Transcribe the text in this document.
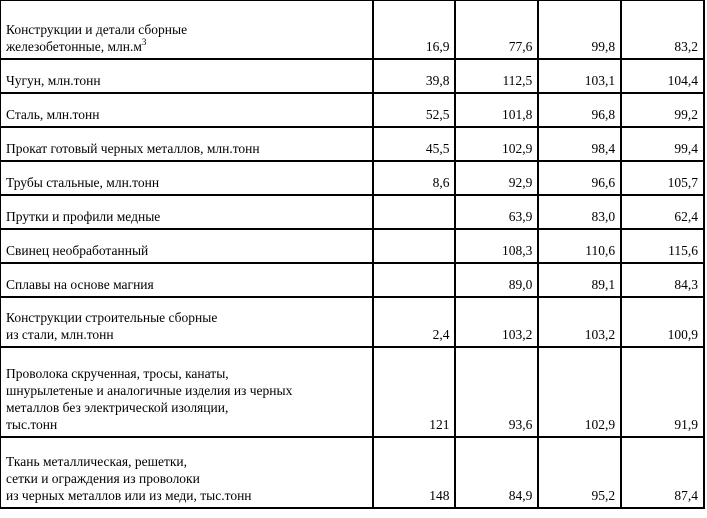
Конструкции и детали сборные
железобетонные, $млн.м^3$	16,9	77,6	99,8	83,2

Чугун, млн.тонн	39,8	112,5	103,1	104,4

Сталь, млн.тонн	52,5	101,8	96,8	99,2

Прокат готовый черных металлов, млн.тонн	45,5	102,9	98,4	99,4

Трубы стальные, млн.тонн	8,6	92,9	96,6	105,7

Прутки и профили медные		63,9	83,0	62,4

Свинец необработанный		108,3	110,6	115,6

Сплавы на основе магния		89,0	89,1	84,3

Конструкции строительные сборные
из стали, млн.тонн	2,4	103,2	103,2	100,9

Проволока скрученная, тросы, канаты,
шнурылетеные и аналогичные изделия из черных
металлов без электрической изоляции,
тыс.тонн	121	93,6	102,9	91,9

Ткань металлическая, решетки,
сетки и ограждения из проволоки
из черных металлов или из меди, тыс.тонн	148	84,9	95,2	87,4
